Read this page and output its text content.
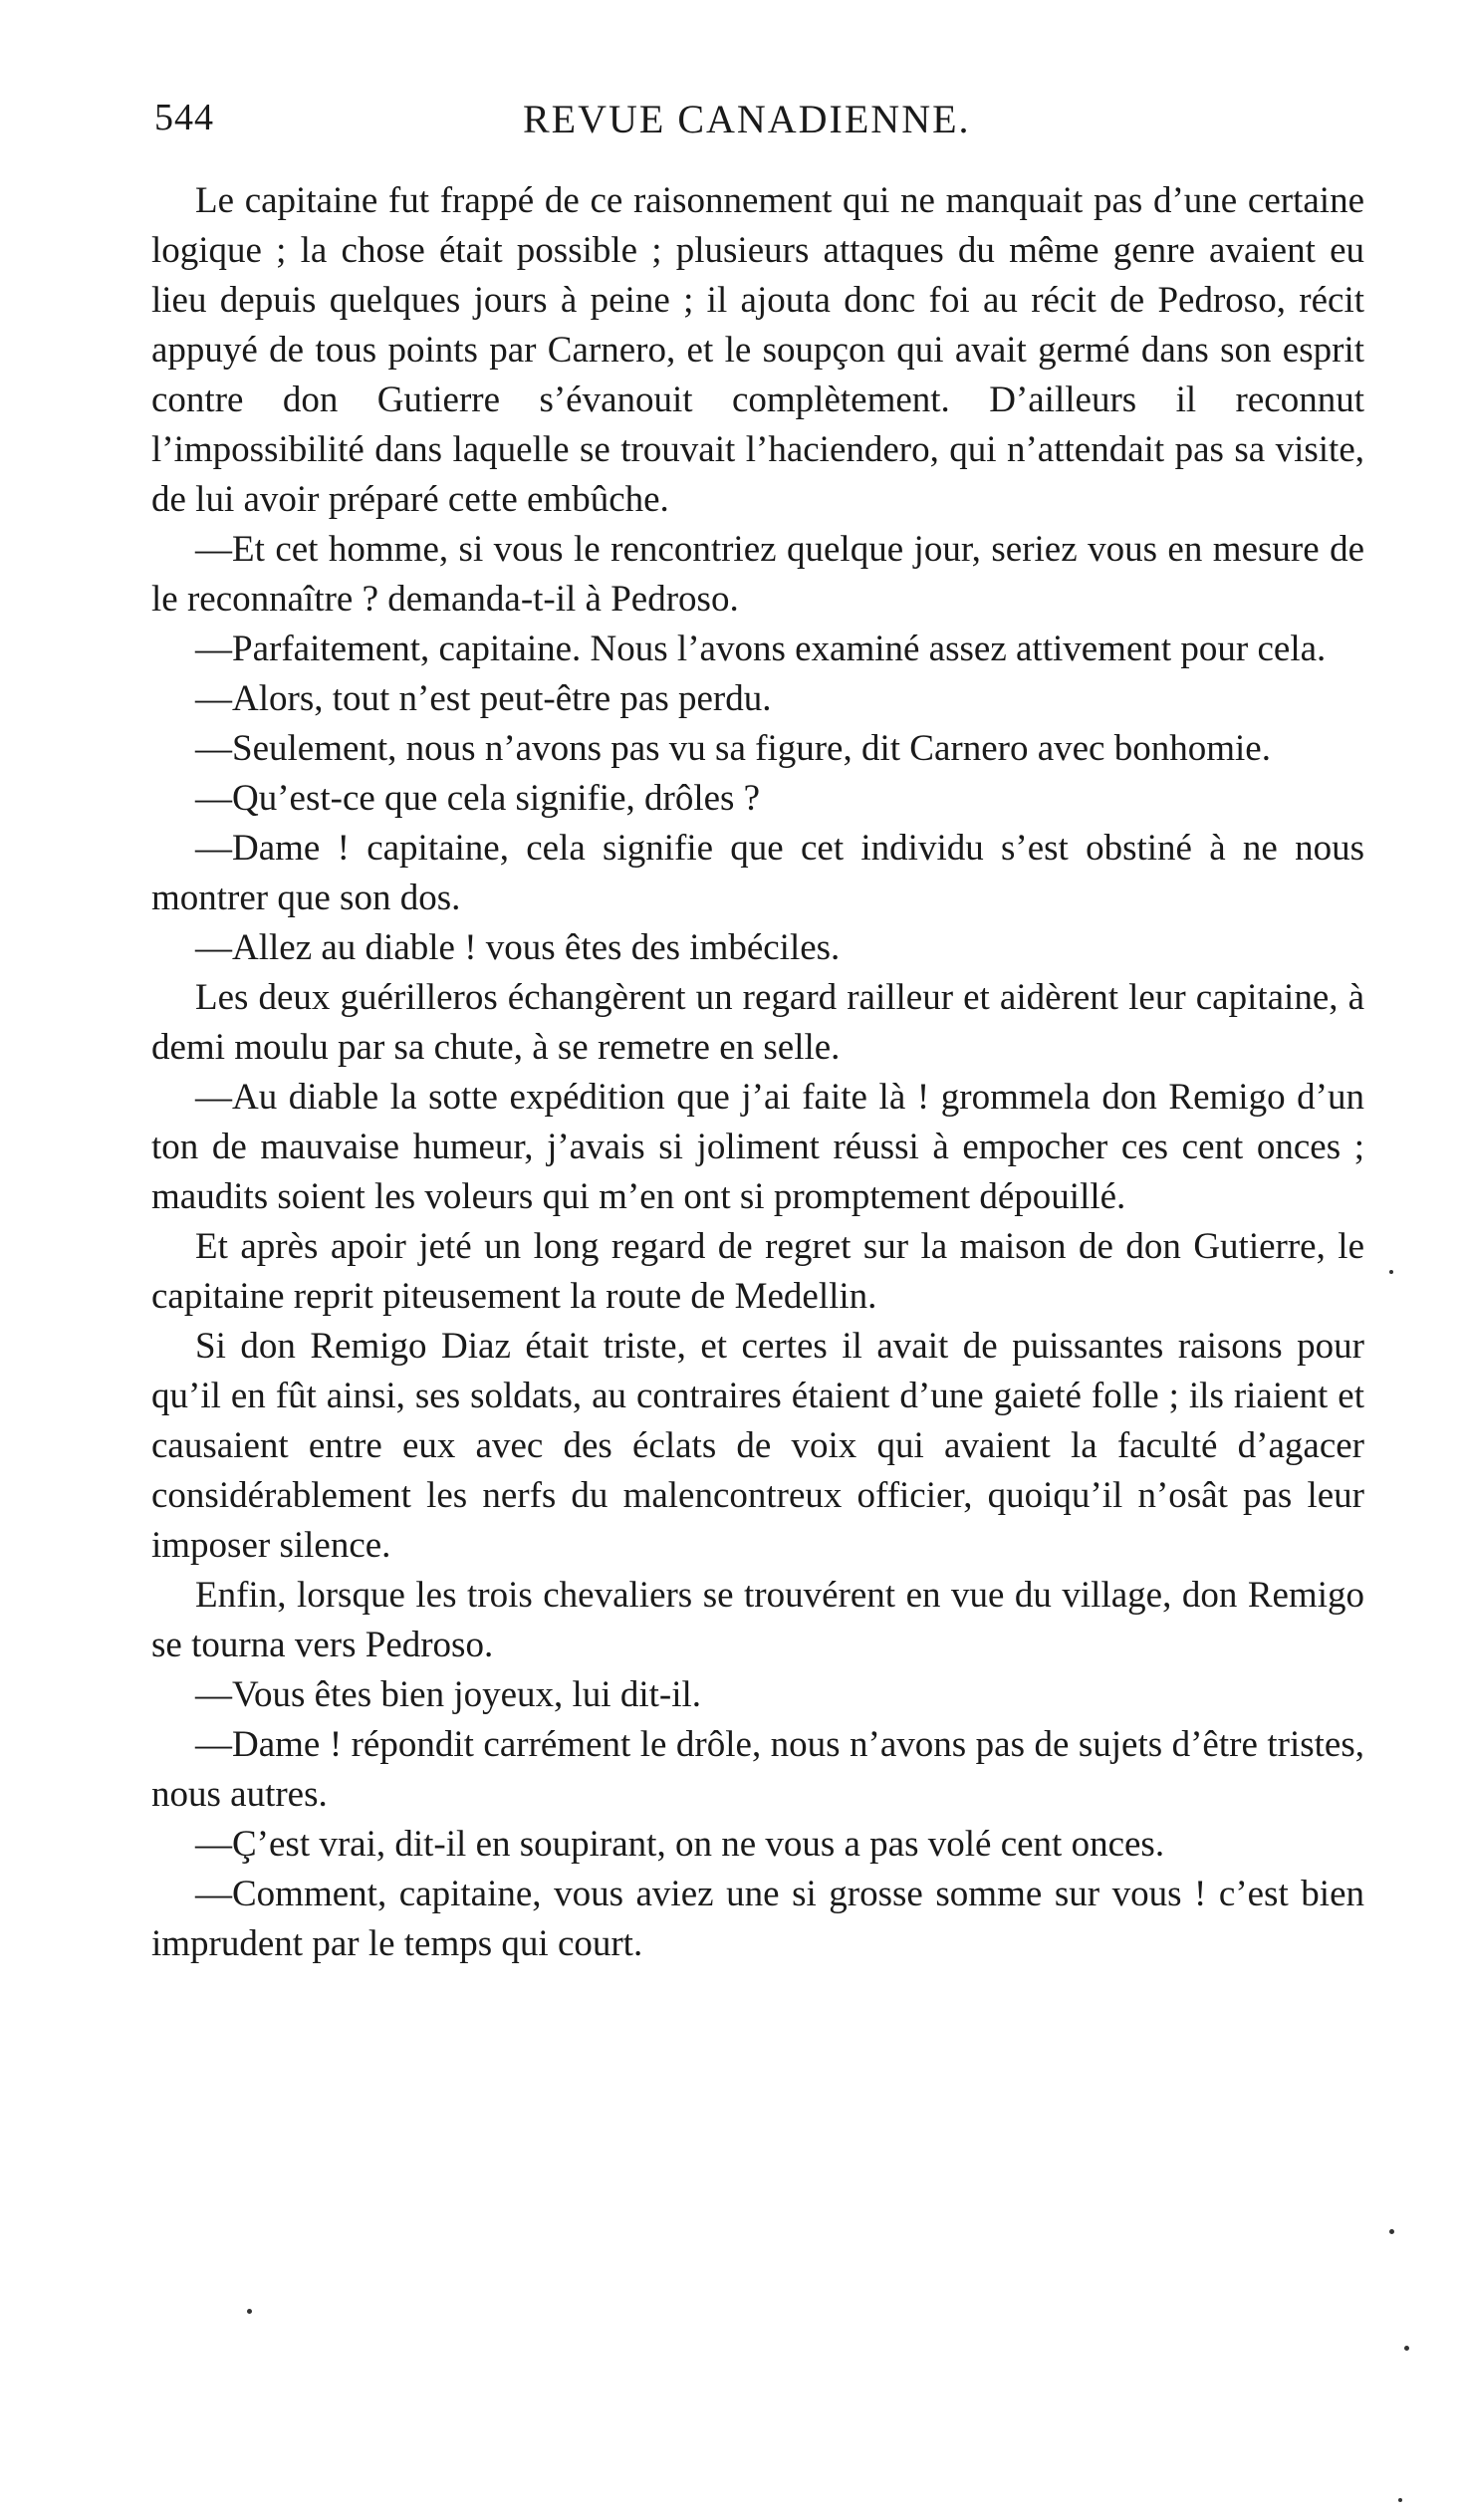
544	REVUE CANADIENNE.

Le capitaine fut frappé de ce raisonnement qui ne manquait pas d’une certaine logique ; la chose était possible ; plusieurs attaques du même genre avaient eu lieu depuis quelques jours à peine ; il ajouta donc foi au récit de Pedroso, récit appuyé de tous points par Carnero, et le soupçon qui avait germé dans son esprit contre don Gutierre s’évanouit complètement. D’ailleurs il reconnut l’impossibilité dans laquelle se trouvait l’haciendero, qui n’attendait pas sa visite, de lui avoir préparé cette embûche.

—Et cet homme, si vous le rencontriez quelque jour, seriez vous en mesure de le reconnaître ? demanda-t-il à Pedroso.

—Parfaitement, capitaine. Nous l’avons examiné assez attivement pour cela.

—Alors, tout n’est peut-être pas perdu.

—Seulement, nous n’avons pas vu sa figure, dit Carnero avec bonhomie.

—Qu’est-ce que cela signifie, drôles ?

—Dame ! capitaine, cela signifie que cet individu s’est obstiné à ne nous montrer que son dos.

—Allez au diable ! vous êtes des imbéciles.

Les deux guérilleros échangèrent un regard railleur et aidèrent leur capitaine, à demi moulu par sa chute, à se remetre en selle.

—Au diable la sotte expédition que j’ai faite là ! grommela don Remigo d’un ton de mauvaise humeur, j’avais si joliment réussi à empocher ces cent onces ; maudits soient les voleurs qui m’en ont si promptement dépouillé.

Et après apoir jeté un long regard de regret sur la maison de don Gutierre, le capitaine reprit piteusement la route de Medellin.

Si don Remigo Diaz était triste, et certes il avait de puissantes raisons pour qu’il en fût ainsi, ses soldats, au contraires étaient d’une gaieté folle ; ils riaient et causaient entre eux avec des éclats de voix qui avaient la faculté d’agacer considérablement les nerfs du malencontreux officier, quoiqu’il n’osât pas leur imposer silence.

Enfin, lorsque les trois chevaliers se trouvérent en vue du village, don Remigo se tourna vers Pedroso.

—Vous êtes bien joyeux, lui dit-il.

—Dame ! répondit carrément le drôle, nous n’avons pas de sujets d’être tristes, nous autres.

—Ç’est vrai, dit-il en soupirant, on ne vous a pas volé cent onces.

—Comment, capitaine, vous aviez une si grosse somme sur vous ! c’est bien imprudent par le temps qui court.
